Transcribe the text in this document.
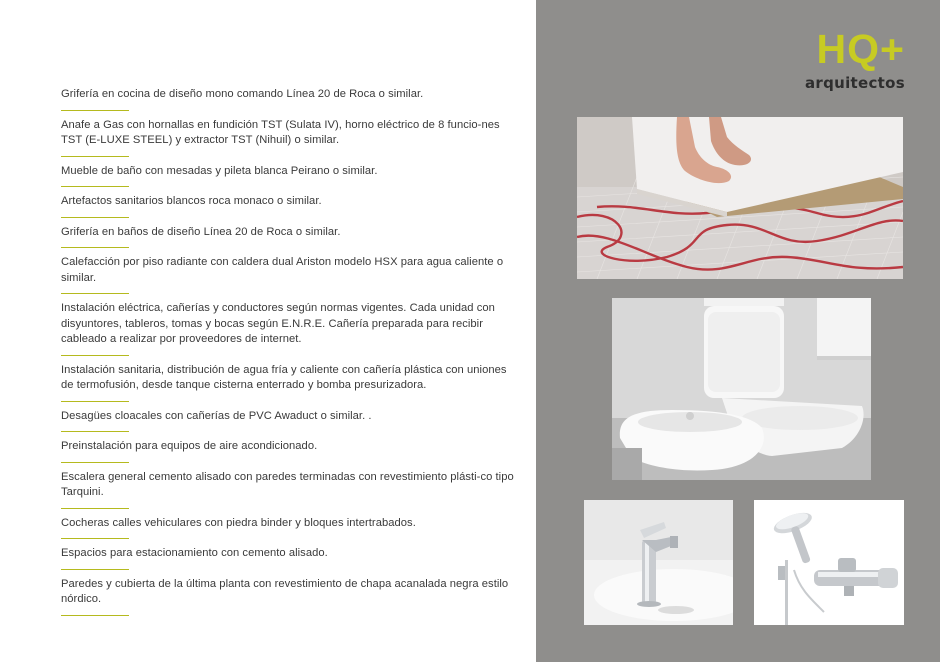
Grifería en cocina de diseño mono comando Línea 20 de Roca o similar.
Anafe a Gas con hornallas en fundición TST (Sulata IV), horno eléctrico de 8 funcio-nes TST (E-LUXE STEEL) y extractor TST (Nihuil) o similar.
Mueble de baño con mesadas y pileta blanca Peirano o similar.
Artefactos sanitarios blancos roca monaco o similar.
Grifería en baños de diseño Línea 20 de Roca o similar.
Calefacción por piso radiante con caldera dual Ariston modelo HSX para agua caliente o similar.
Instalación eléctrica, cañerías y conductores según normas vigentes. Cada unidad con disyuntores, tableros, tomas y bocas según E.N.R.E. Cañería preparada para recibir cableado a realizar por proveedores de internet.
Instalación sanitaria, distribución de agua fría y caliente con cañería plástica con uniones de termofusión, desde tanque cisterna enterrado y bomba presurizadora.
Desagües cloacales con cañerías de PVC Awaduct o similar. .
Preinstalación para equipos de aire acondicionado.
Escalera general cemento alisado con paredes terminadas con revestimiento plásti-co tipo Tarquini.
Cocheras calles vehiculares con piedra binder y bloques intertrabados.
Espacios para estacionamiento con cemento alisado.
Paredes y cubierta de la última planta con revestimiento de chapa acanalada negra estilo nórdico.
HQ+
arquitectos
